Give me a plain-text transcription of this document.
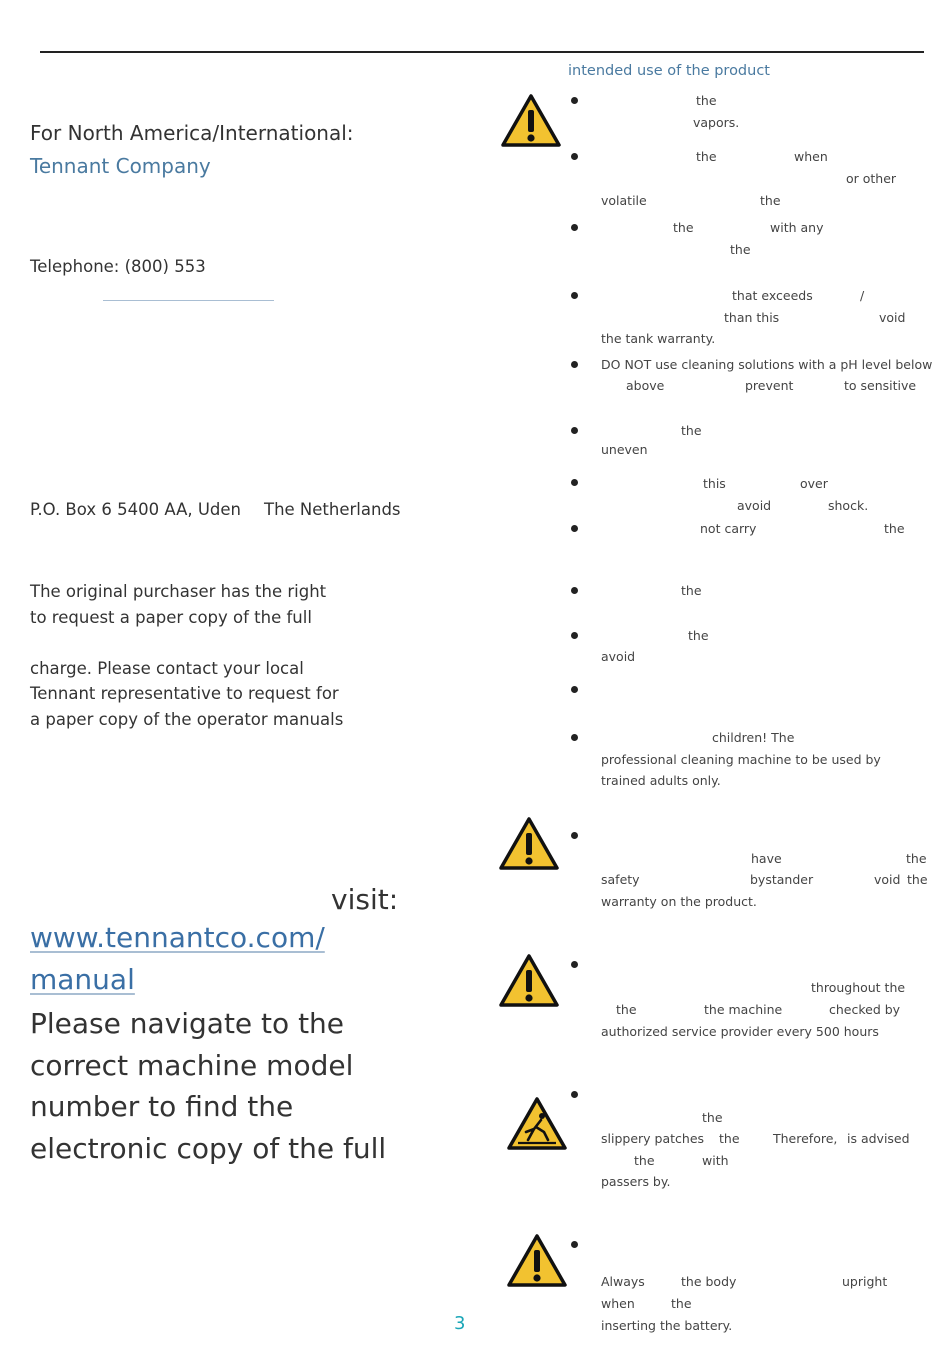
For North America/International:
Tennant Company
Telephone: (800) 553
P.O. Box 6 5400 AA, Uden The Netherlands
The original purchaser has the right
to request a paper copy of the full
charge. Please contact your local
Tennant representative to request for
a paper copy of the operator manuals
visit:
www.tennantco.com/
manual
Please navigate to the
correct machine model
number to find the
electronic copy of the full
intended use of the product
the
vapors.
the	when
or other
volatile	the
the	with any
the
that exceeds	/
than this	void
the tank warranty.
DO NOT use cleaning solutions with a pH level below
above	prevent	to sensitive
the
uneven
this	over
avoid	shock.
not carry	the
the
the
avoid
children! The
professional cleaning machine to be used by
trained adults only.
have	the
safety	bystander	void the
warranty on the product.
throughout the
the	the machine	checked by
authorized service provider every 500 hours
the
slippery patches the	Therefore, is advised
the	with
passers by.
Always	the body	upright
when	the
inserting the battery.
3
